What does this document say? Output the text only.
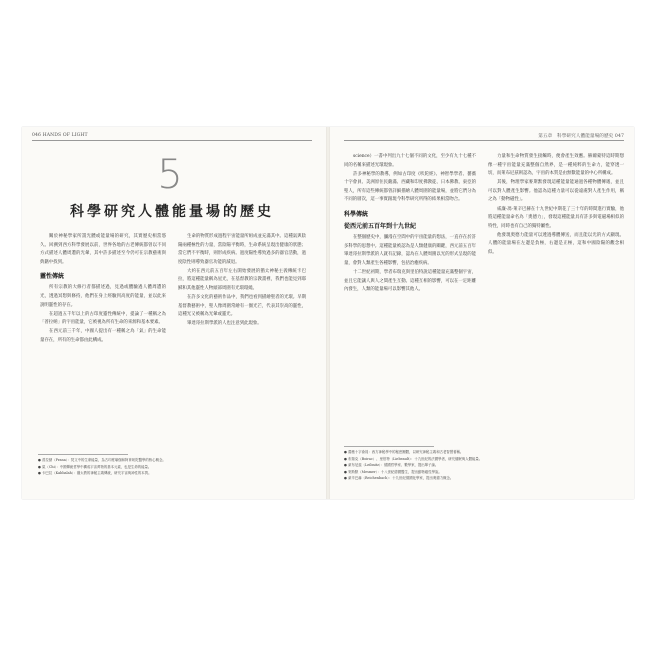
046 HANDS OF LIGHT
5
科學研究人體能量場的歷史

關於神秘學家所謂光體或能量場的研究，其實歷史相當悠久。回溯到西方科學發展以前，世界各地的古老傳統都曾以不同方式描述人體周遭的光暈，其中許多描述至今仍可在宗教藝術與典籍中找到。

靈性傳統

所有宗教的大修行者都描述過，見過或體驗過人體周遭的光，透過冥想與修持，他們在身上經驗到高度的能量，並以此來說明靈性的存在。

在超過五千年以上的古印度靈性傳統中，提論了一種稱之為「普拉納」的宇宙能量，它被視為所有生命的來源和基本要素。

在西元前三千年，中國人提出有一種稱之為「氣」的生命能量存在，所有的生命都由此構成。

生命的物質形成過程宇宙能量所組成並充滿其中。這種氣與陰陽兩種極性的力量，當陰陽平衡時，生命系統呈現出健康的狀態；當它們不平衡時，則形成疾病。過度陽性導致過多的器官活動，過度陰性則導致器官功能的減退。

大約在西元前五百年左右開始發展的猶太神秘主義傳統卡巴拉，將這種能量稱為星光，在基督教的宗教畫裡，我們也能見到耶穌和其他靈性人物頭部周圍有光環環繞。

在許多文化的藝術作品中，我們也看到描繪聖者的光環。早期基督教藝術中，聖人像周圍常繪有一圈光芒，代表其崇高的靈性，這種光又被稱為光暈或靈光。

畢達哥拉斯學派的人也注意到此現象。

● 普拉納（Prana）：梵文中的生命能量，為古印度瑜伽和阿育吠陀醫學的核心概念。

● 氣（Chi）：中國傳統哲學中構成宇宙萬物的基本元素，也是生命的能量。

● 卡巴拉（Kabbalah）：猶太教的神秘主義傳統，研究宇宙與神性的本質。

第五章　科學研究人體能量場的歷史 047

science）一書中列出九十七個不同的文化，至少有九十七種不同的名稱來描述光環現象。

許多神秘學的教導，例如古印度《吠陀經》、神智學學者、薔薇十字會員、美洲原住民薩滿、西藏和印度佛教徒、日本佛教、東亞的聖人，所有這些傳統都曾詳細描繪人體周圍的能量場，並將它們分為不同的層次，這一事實跟現今科學研究所得的結果相當吻合。

科學傳統
從西元前五百年到十九世紀

在整個歷史中，瀰漫在空間中的宇宙能量的想法，一直存在於許多科學的思想中。這種能量被認為是人類健康的關鍵，西元前五百年畢達哥拉斯學派的人就有記錄，認為在人體周圍以光的形式呈現的能量，會對人類產生各種影響，包括治癒疾病。

十二世紀初期，學者布瑞克與里伯特說這種能量充滿整個宇宙，並且它能讓人與人之間產生互動。這種互相的影響，可以在一定距離內發生，人類的能量場可以影響其他人。

力量和生命物質發生接觸時，便會產生效應。赫爾蒙特這時期想像一種宇宙能量充滿整個自然界，是一種純粹的生命力，能穿透一切，而萊布尼茲則認為，宇宙的本質是由無數能量的中心所構成。

其後，物理學家麥斯默發現這種能量能通過各種物體傳遞，並且可以對人體產生影響。他認為這種力量可以從遠處對人產生作用，稱之為「動物磁性」。

威廉·馮·萊辛巴赫在十九世紀中期花了三十年的時間進行實驗，他將這種能量命名為「奧德力」，發現這種能量具有許多與電磁場相似的特性，同時也有自己的獨特屬性。

他發現奧德力能量可以透過導體傳送，而且能以光的方式顯現。人體的能量場在左邊是負極，右邊是正極，這和中國陰陽的觀念相似。

● 薔薇十字會員：西方神秘學中的秘密團體，以研究神秘主義和古老智慧著稱。

● 布瑞克（Boirac）、里伯特（Liebeault）：十九世紀的法國學者，研究催眠與人體能量。

● 萊布尼茲（Leibnitz）：德國哲學家、數學家，提出單子論。

● 麥斯默（Mesmer）：十八世紀德國醫生，提出動物磁性學說。

● 萊辛巴赫（Reichenbach）：十九世紀德國化學家，提出奧德力概念。
